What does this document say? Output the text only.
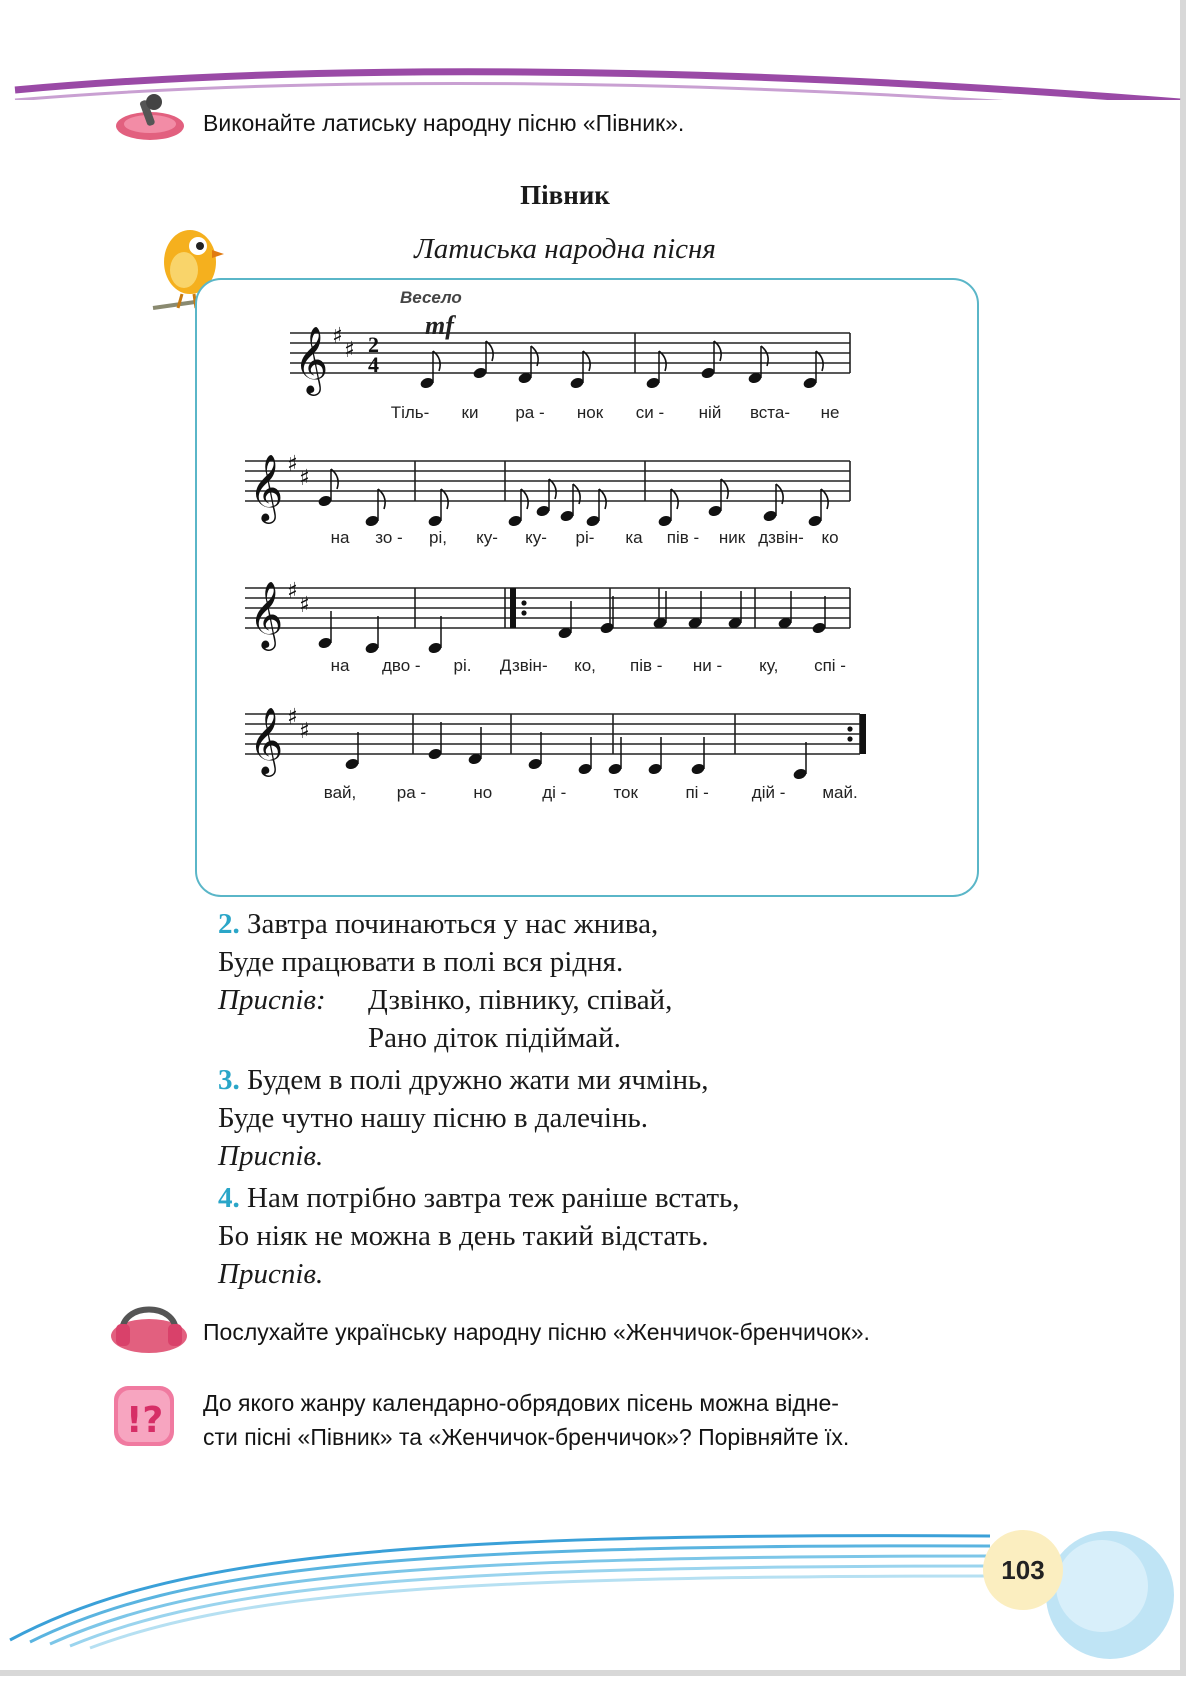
Виконайте латиську народну пісню «Півник».
Півник
Латиська народна пісня
Весело
mf
𝄞 ♯
♯ 2
4
Тіль- ки ра - нок си - ній вста- не
𝄞 ♯
♯
на зо - рі, ку- ку- рі- ка пів - ник дзвін- ко
𝄞 ♯
♯
на дво - рі. Дзвін- ко, пів - ни - ку, спі -
𝄞 ♯
♯
вай, ра -	но	ді -	ток	пі -	дій - май.
2. Завтра починаються у нас жнива,
Буде працювати в полі вся рідня.
Приспів: Дзвінко, півнику, співай,
Рано діток підіймай.
3. Будем в полі дружно жати ми ячмінь,
Буде чутно нашу пісню в далечінь.
Приспів.
4. Нам потрібно завтра теж раніше встать,
Бо ніяк не можна в день такий відстать.
Приспів.
Послухайте українську народну пісню «Женчичок-бренчичок».
!? До якого жанру календарно-обрядових пісень можна відне-
сти пісні «Півник» та «Женчичок-бренчичок»? Порівняйте їх.
103
